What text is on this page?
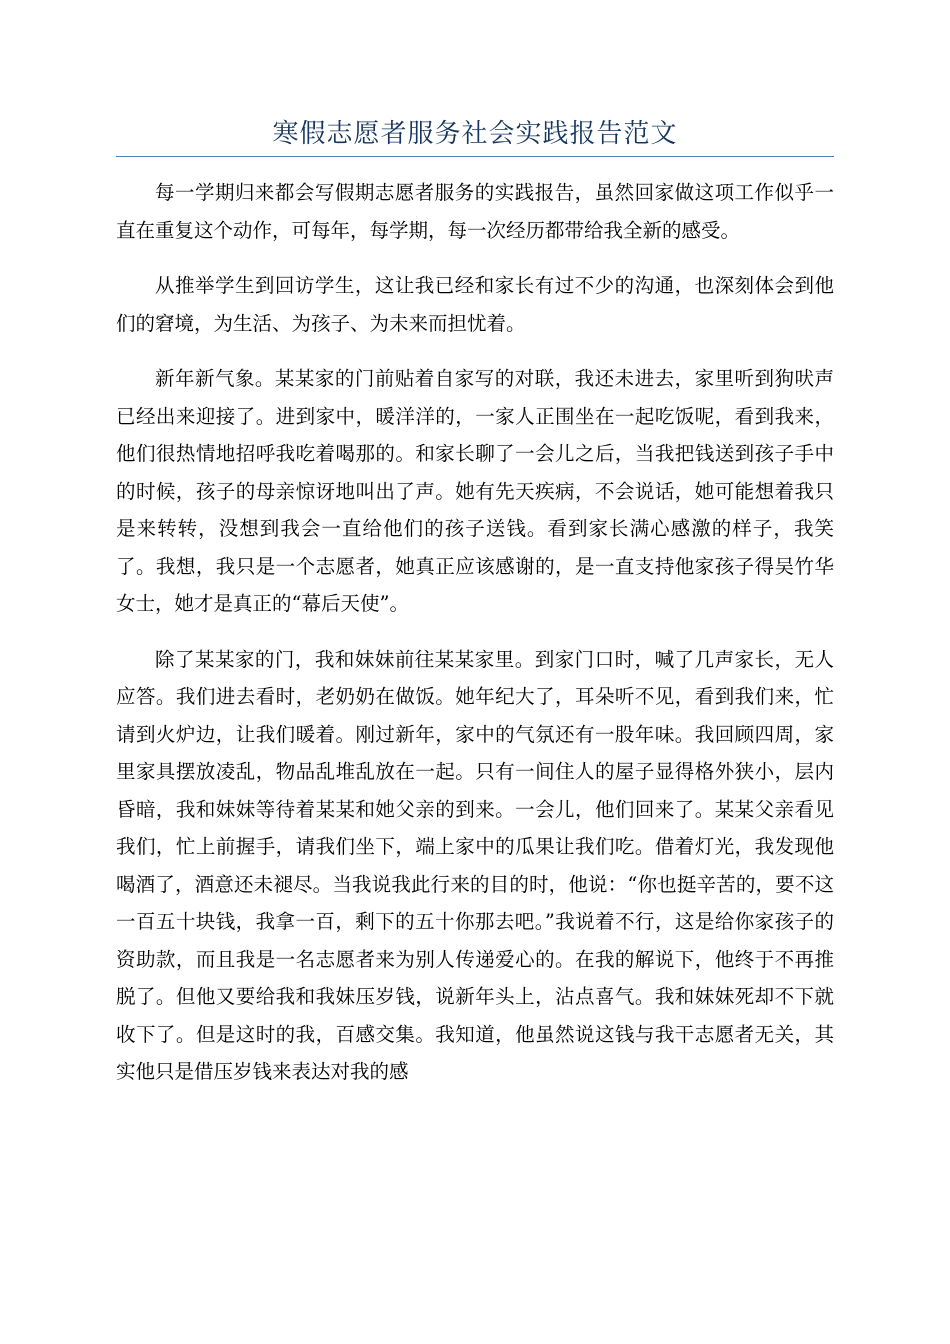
寒假志愿者服务社会实践报告范文

每一学期归来都会写假期志愿者服务的实践报告，虽然回家做这项工作似乎一直在重复这个动作，可每年，每学期，每一次经历都带给我全新的感受。

从推举学生到回访学生，这让我已经和家长有过不少的沟通，也深刻体会到他们的窘境，为生活、为孩子、为未来而担忧着。

新年新气象。某某家的门前贴着自家写的对联，我还未进去，家里听到狗吠声已经出来迎接了。进到家中，暖洋洋的，一家人正围坐在一起吃饭呢，看到我来，他们很热情地招呼我吃着喝那的。和家长聊了一会儿之后，当我把钱送到孩子手中的时候，孩子的母亲惊讶地叫出了声。她有先天疾病，不会说话，她可能想着我只是来转转，没想到我会一直给他们的孩子送钱。看到家长满心感激的样子，我笑了。我想，我只是一个志愿者，她真正应该感谢的，是一直支持他家孩子得吴竹华女士，她才是真正的“幕后天使”。

除了某某家的门，我和妹妹前往某某家里。到家门口时，喊了几声家长，无人应答。我们进去看时，老奶奶在做饭。她年纪大了，耳朵听不见，看到我们来，忙请到火炉边，让我们暖着。刚过新年，家中的气氛还有一股年味。我回顾四周，家里家具摆放凌乱，物品乱堆乱放在一起。只有一间住人的屋子显得格外狭小，层内昏暗，我和妹妹等待着某某和她父亲的到来。一会儿，他们回来了。某某父亲看见我们，忙上前握手，请我们坐下，端上家中的瓜果让我们吃。借着灯光，我发现他喝酒了，酒意还未褪尽。当我说我此行来的目的时，他说：“你也挺辛苦的，要不这一百五十块钱，我拿一百，剩下的五十你那去吧。”我说着不行，这是给你家孩子的资助款，而且我是一名志愿者来为别人传递爱心的。在我的解说下，他终于不再推脱了。但他又要给我和我妹压岁钱，说新年头上，沾点喜气。我和妹妹死却不下就收下了。但是这时的我，百感交集。我知道，他虽然说这钱与我干志愿者无关，其实他只是借压岁钱来表达对我的感
